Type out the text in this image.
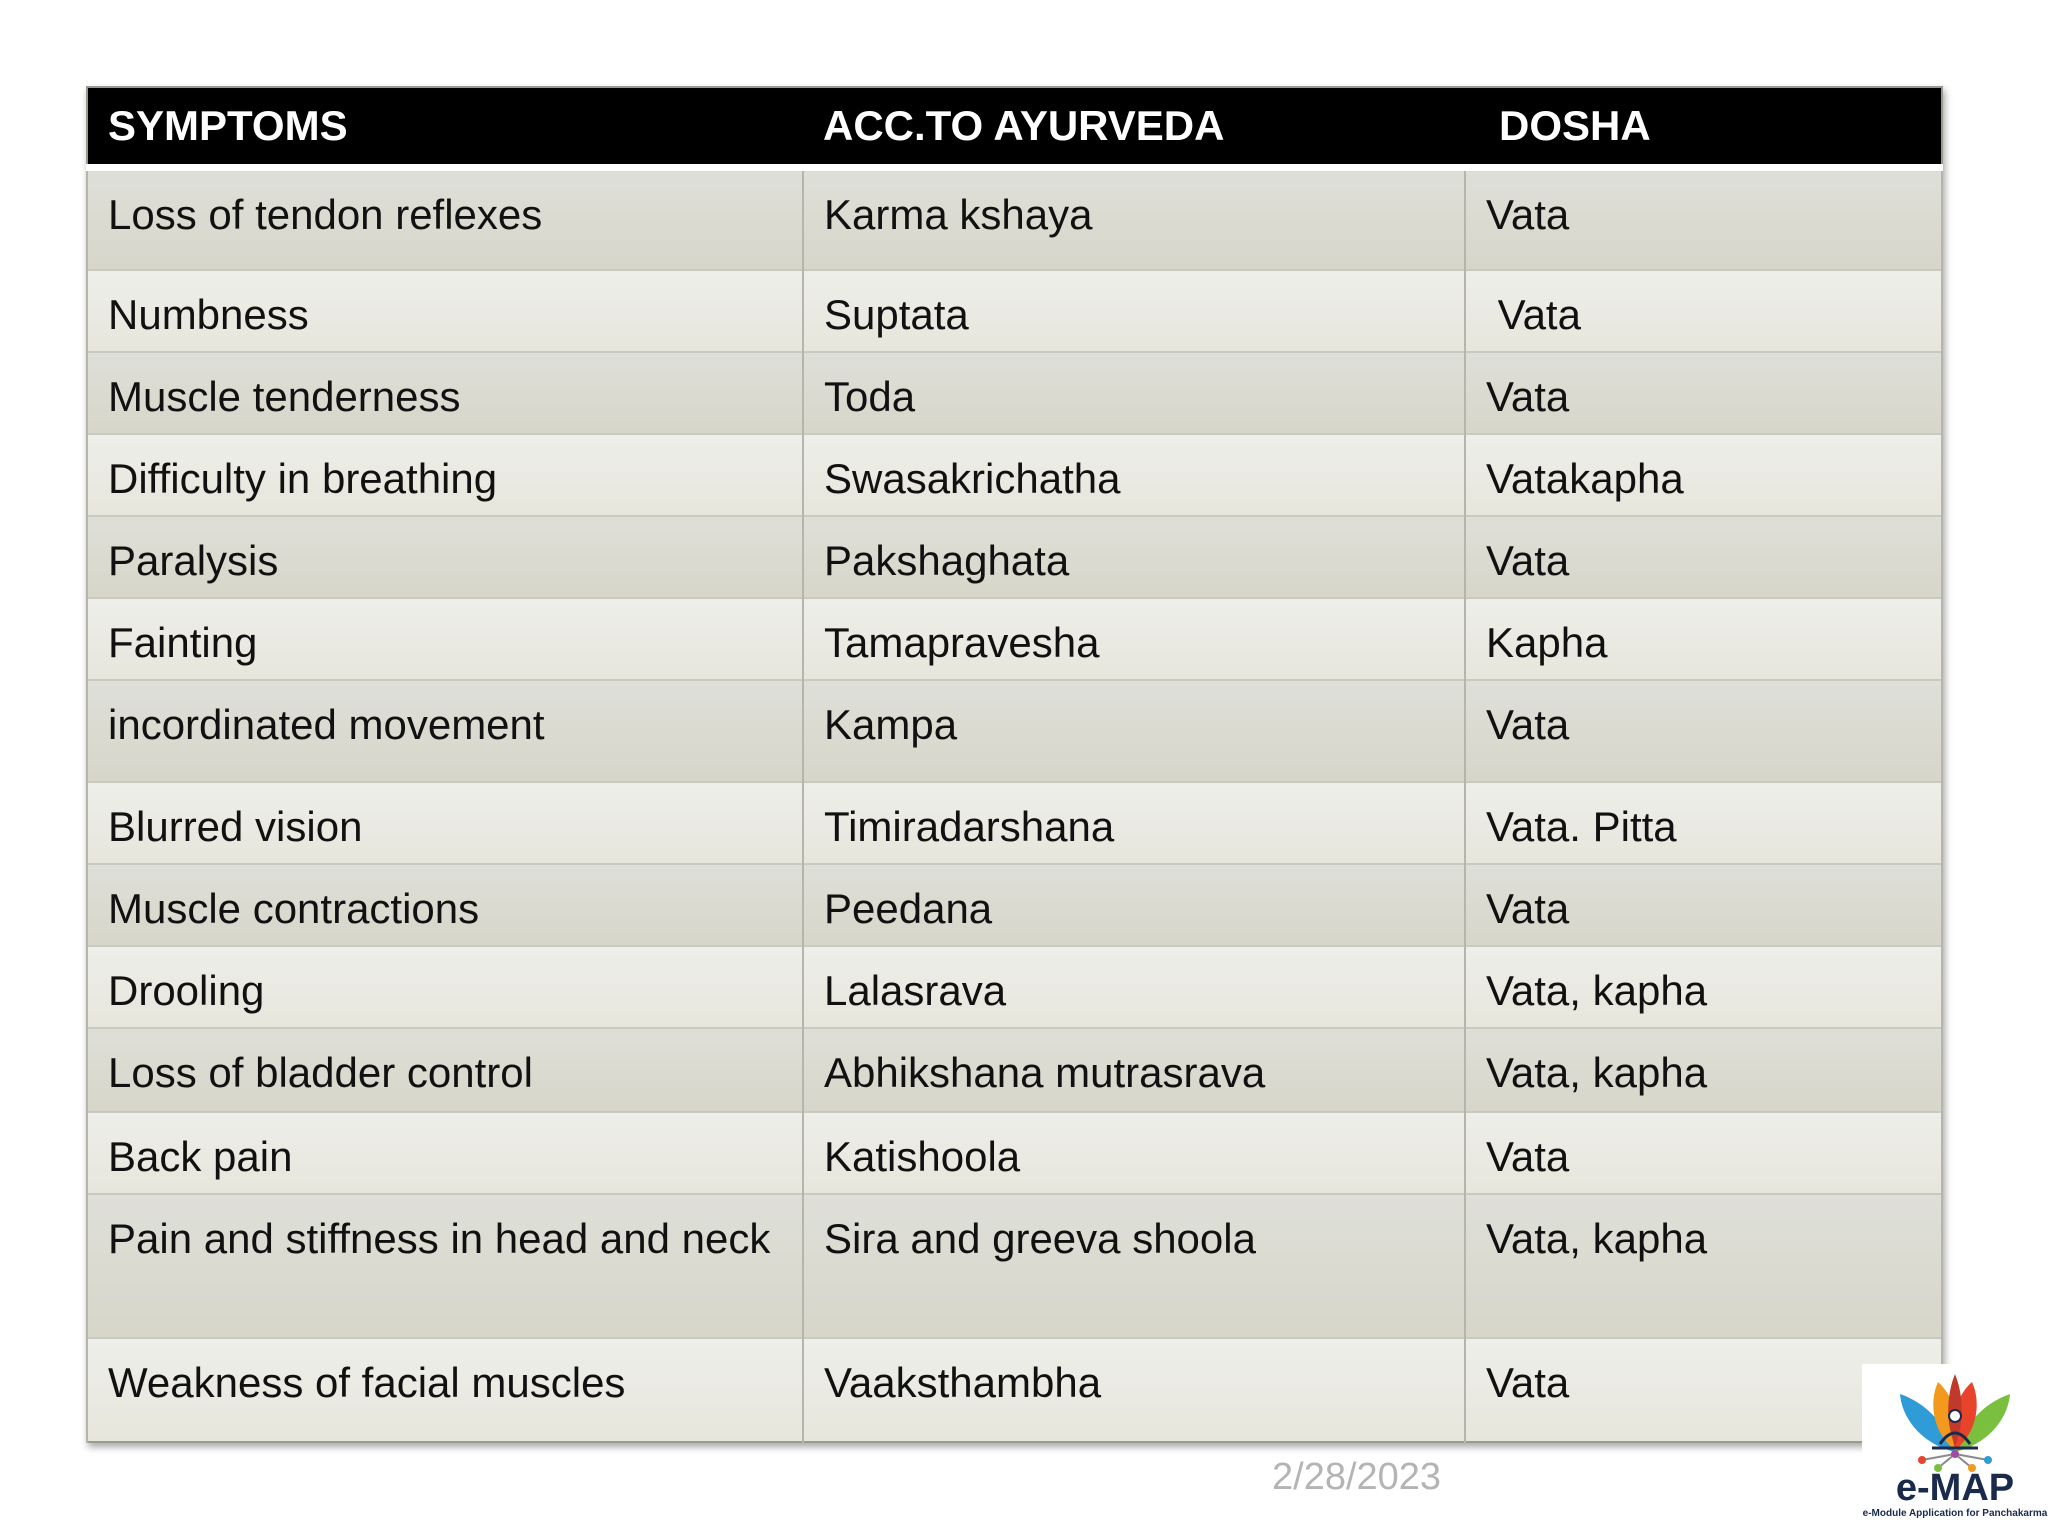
SYMPTOMS	ACC.TO AYURVEDA	DOSHA
Loss of tendon reflexes	Karma kshaya	Vata
Numbness	Suptata	Vata
Muscle tenderness	Toda	Vata
Difficulty in breathing	Swasakrichatha	Vatakapha
Paralysis	Pakshaghata	Vata
Fainting	Tamapravesha	Kapha
incordinated movement	Kampa	Vata
Blurred vision	Timiradarshana	Vata. Pitta
Muscle contractions	Peedana	Vata
Drooling	Lalasrava	Vata, kapha
Loss of bladder control	Abhikshana mutrasrava	Vata, kapha
Back pain	Katishoola	Vata
Pain and stiffness in head and neck	Sira and greeva shoola	Vata, kapha
Weakness of facial muscles	Vaaksthambha	Vata
2/28/2023	e-MAP
e-Module Application for Panchakarma
